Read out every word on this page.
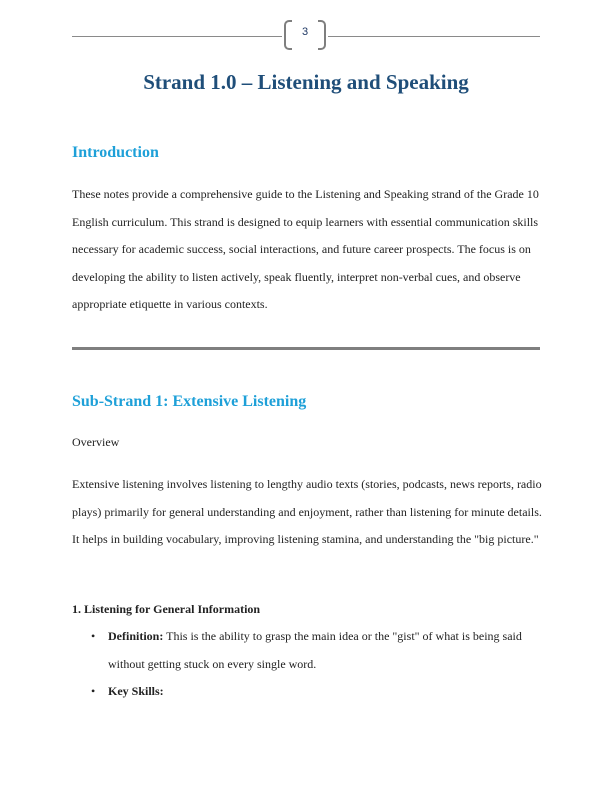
3
Strand 1.0 – Listening and Speaking
Introduction

These notes provide a comprehensive guide to the Listening and Speaking strand of the Grade 10 English curriculum. This strand is designed to equip learners with essential communication skills necessary for academic success, social interactions, and future career prospects. The focus is on developing the ability to listen actively, speak fluently, interpret non-verbal cues, and observe appropriate etiquette in various contexts.

Sub-Strand 1: Extensive Listening

Overview

Extensive listening involves listening to lengthy audio texts (stories, podcasts, news reports, radio plays) primarily for general understanding and enjoyment, rather than listening for minute details. It helps in building vocabulary, improving listening stamina, and understanding the "big picture."

1. Listening for General Information
• Definition: This is the ability to grasp the main idea or the "gist" of what is being said without getting stuck on every single word.
• Key Skills:
